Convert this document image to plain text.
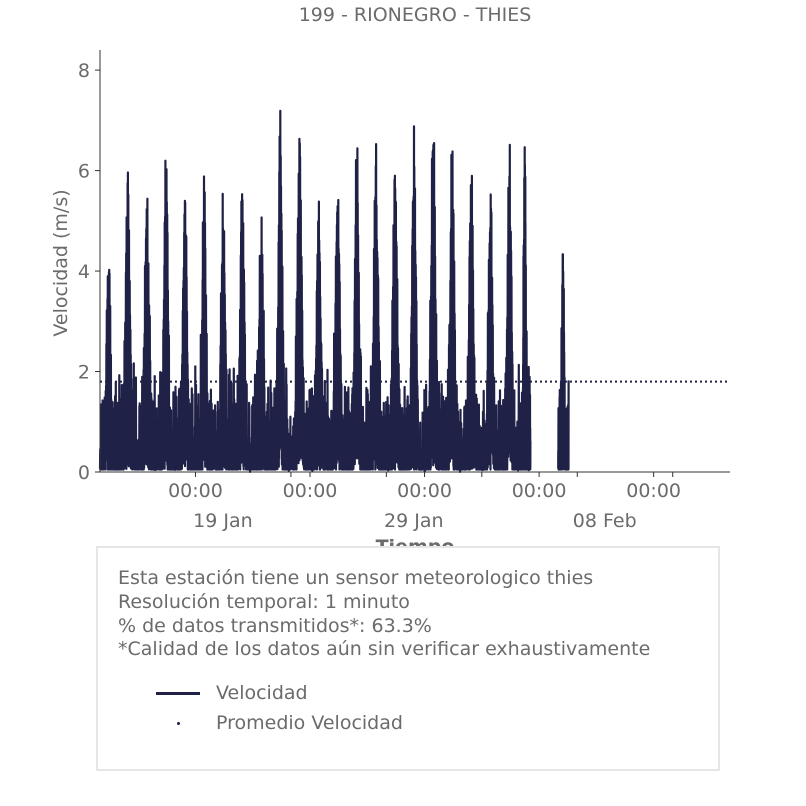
199 - RIONEGRO - THIES
Velocidad (m/s)
0
2
4
6
8
00:00	00:00	00:00	00:00	00:00
19 Jan	29 Jan	08 Feb
Esta estación tiene un sensor meteorologico thies
Resolución temporal: 1 minuto
% de datos transmitidos*: 63.3%
*Calidad de los datos aún sin verificar exhaustivamente
Velocidad
Promedio Velocidad
